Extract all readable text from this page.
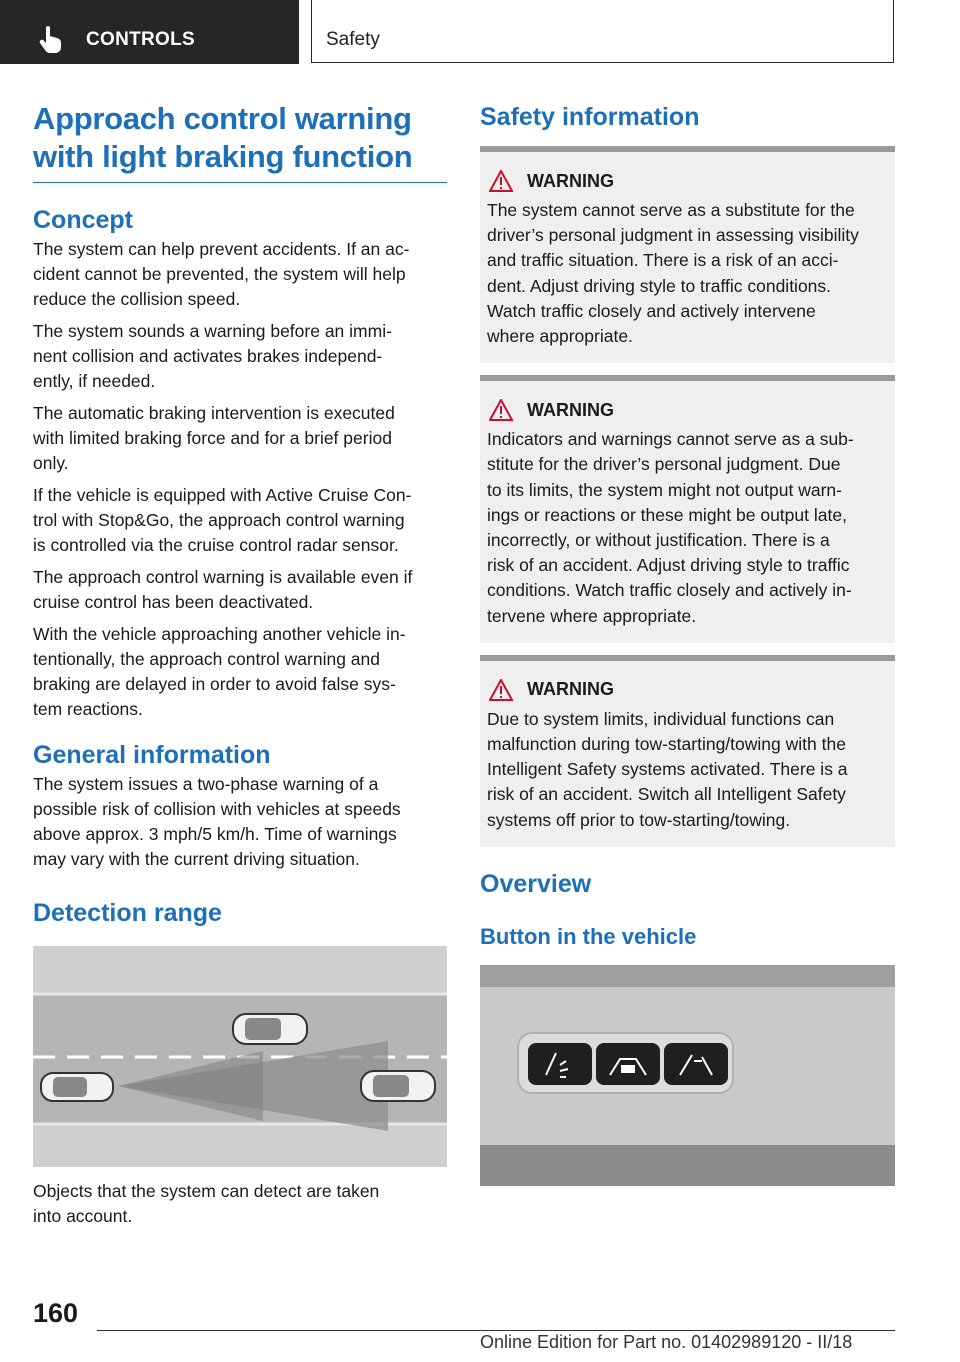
CONTROLS	Safety
Approach control warning with light braking function
Concept

The system can help prevent accidents. If an ac-
cident cannot be prevented, the system will help
reduce the collision speed.

The system sounds a warning before an immi-
nent collision and activates brakes independ-
ently, if needed.

The automatic braking intervention is executed
with limited braking force and for a brief period
only.

If the vehicle is equipped with Active Cruise Con-
trol with Stop&Go, the approach control warning
is controlled via the cruise control radar sensor.

The approach control warning is available even if
cruise control has been deactivated.

With the vehicle approaching another vehicle in-
tentionally, the approach control warning and
braking are delayed in order to avoid false sys-
tem reactions.

General information

The system issues a two-phase warning of a
possible risk of collision with vehicles at speeds
above approx. 3 mph/5 km/h. Time of warnings
may vary with the current driving situation.

Detection range

Objects that the system can detect are taken
into account.

Safety information
WARNING

The system cannot serve as a substitute for the
driver’s personal judgment in assessing visibility
and traffic situation. There is a risk of an acci-
dent. Adjust driving style to traffic conditions.
Watch traffic closely and actively intervene
where appropriate.

WARNING

Indicators and warnings cannot serve as a sub-
stitute for the driver’s personal judgment. Due
to its limits, the system might not output warn-
ings or reactions or these might be output late,
incorrectly, or without justification. There is a
risk of an accident. Adjust driving style to traffic
conditions. Watch traffic closely and actively in-
tervene where appropriate.

WARNING

Due to system limits, individual functions can
malfunction during tow-starting/towing with the
Intelligent Safety systems activated. There is a
risk of an accident. Switch all Intelligent Safety
systems off prior to tow-starting/towing.

Overview
Button in the vehicle
160
Online Edition for Part no. 01402989120 - II/18
